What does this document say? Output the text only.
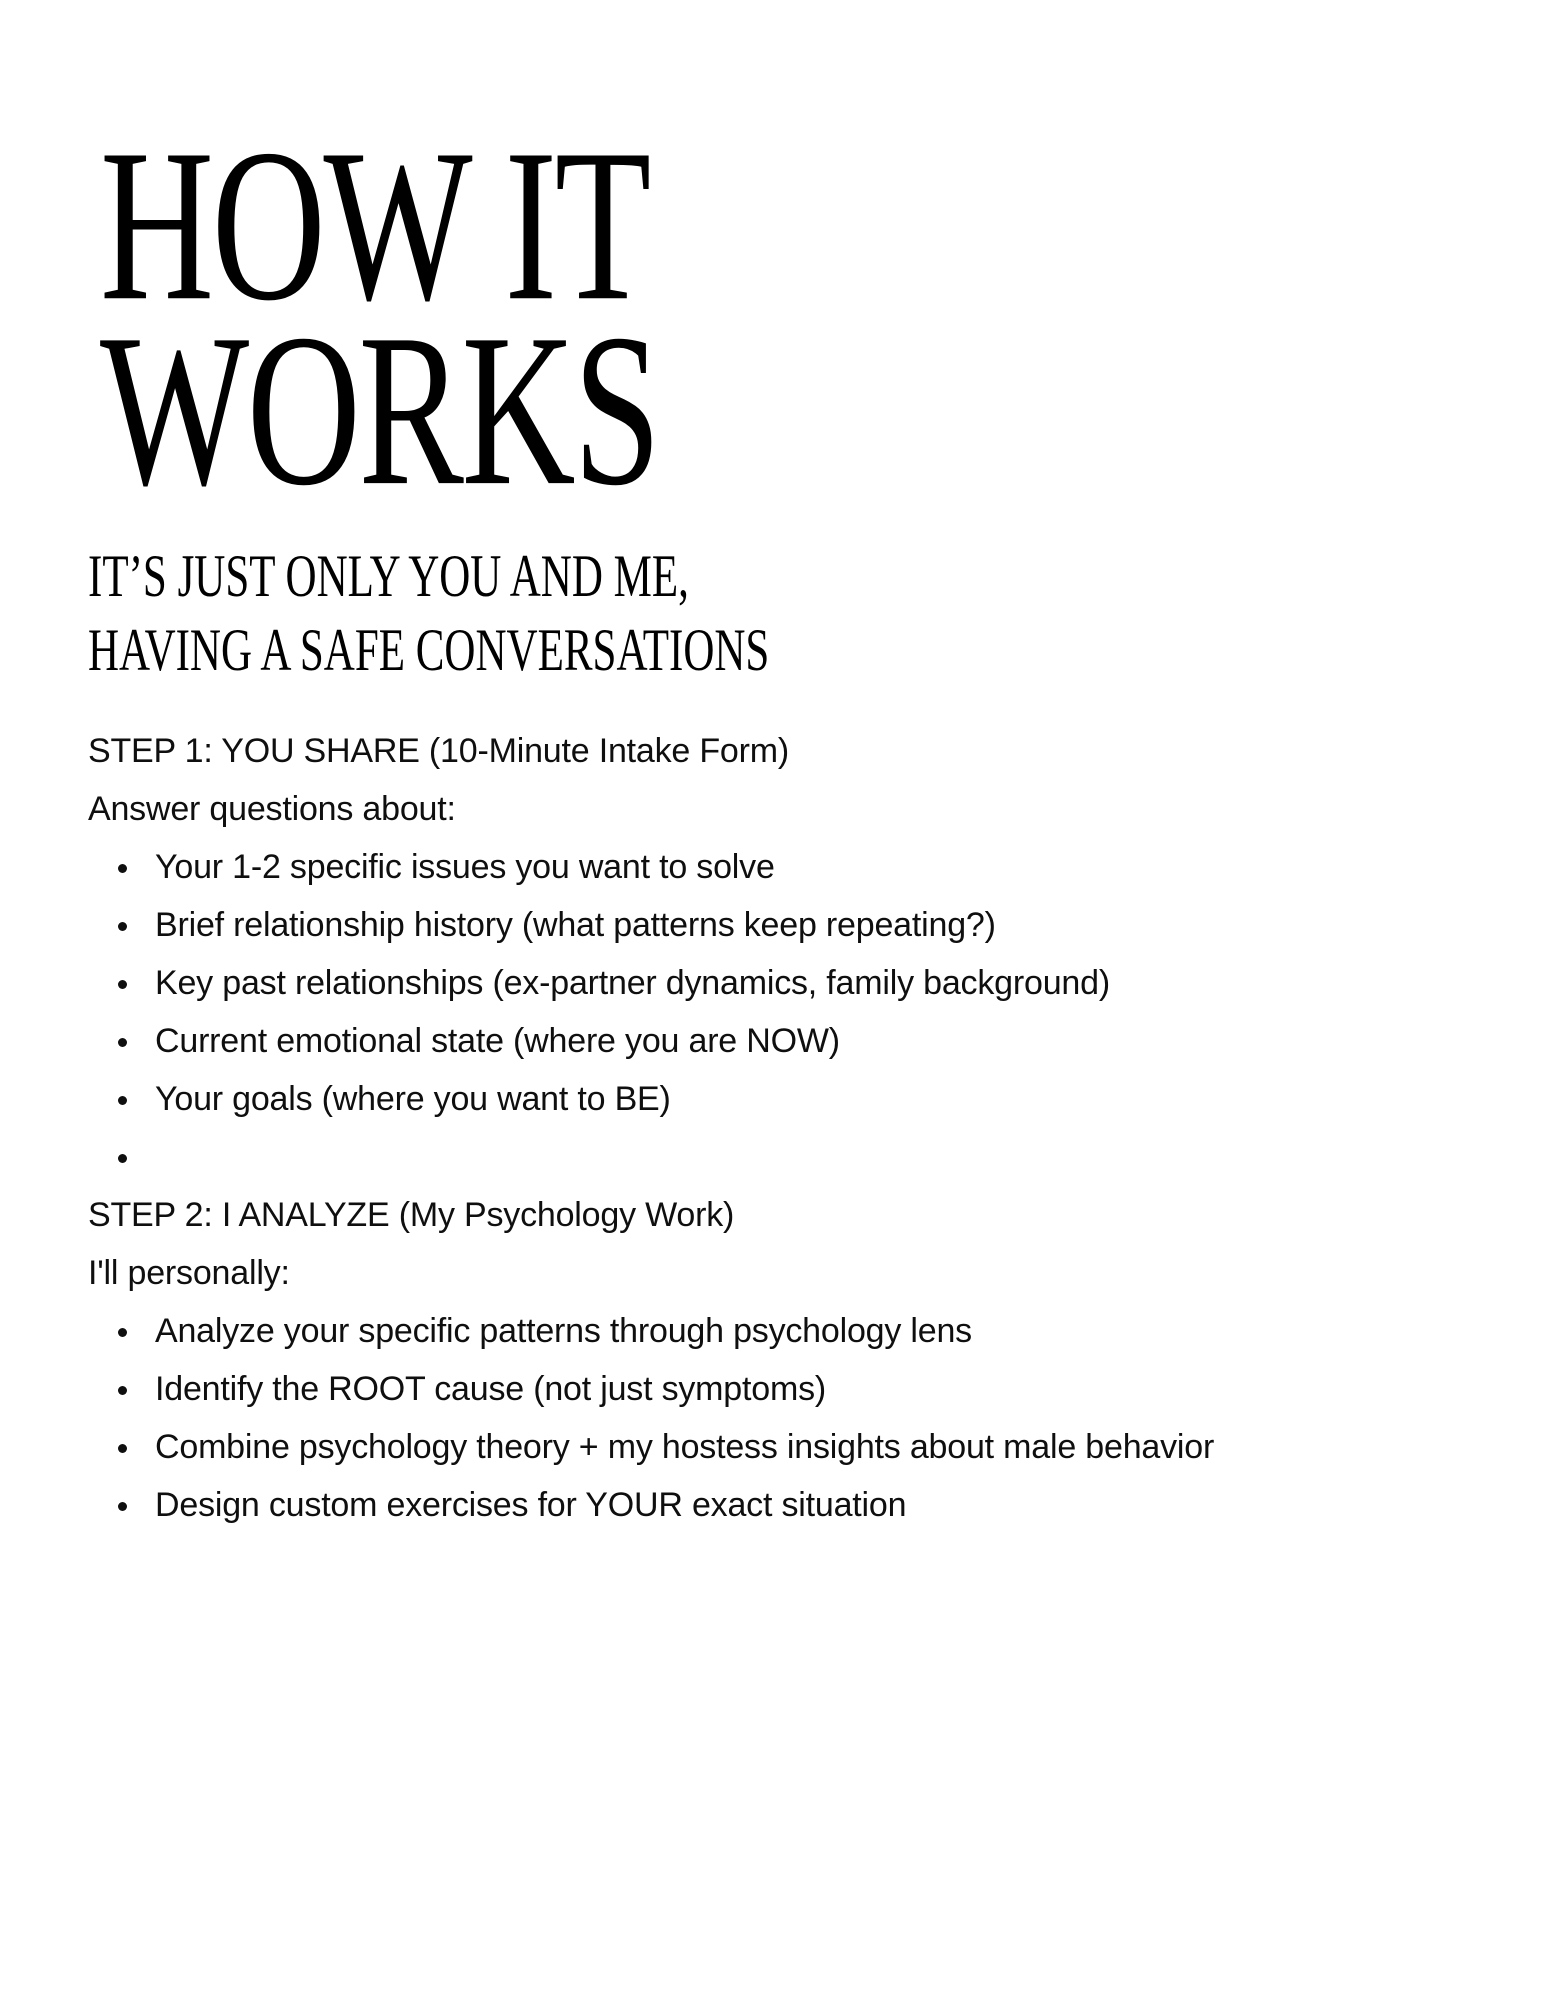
HOW IT
WORKS
IT’S JUST ONLY YOU AND ME,
HAVING A SAFE CONVERSATIONS
STEP 1: YOU SHARE (10-Minute Intake Form)
Answer questions about:
Your 1-2 specific issues you want to solve
Brief relationship history (what patterns keep repeating?)
Key past relationships (ex-partner dynamics, family background)
Current emotional state (where you are NOW)
Your goals (where you want to BE)
STEP 2: I ANALYZE (My Psychology Work)
I'll personally:
Analyze your specific patterns through psychology lens
Identify the ROOT cause (not just symptoms)
Combine psychology theory + my hostess insights about male behavior
Design custom exercises for YOUR exact situation
